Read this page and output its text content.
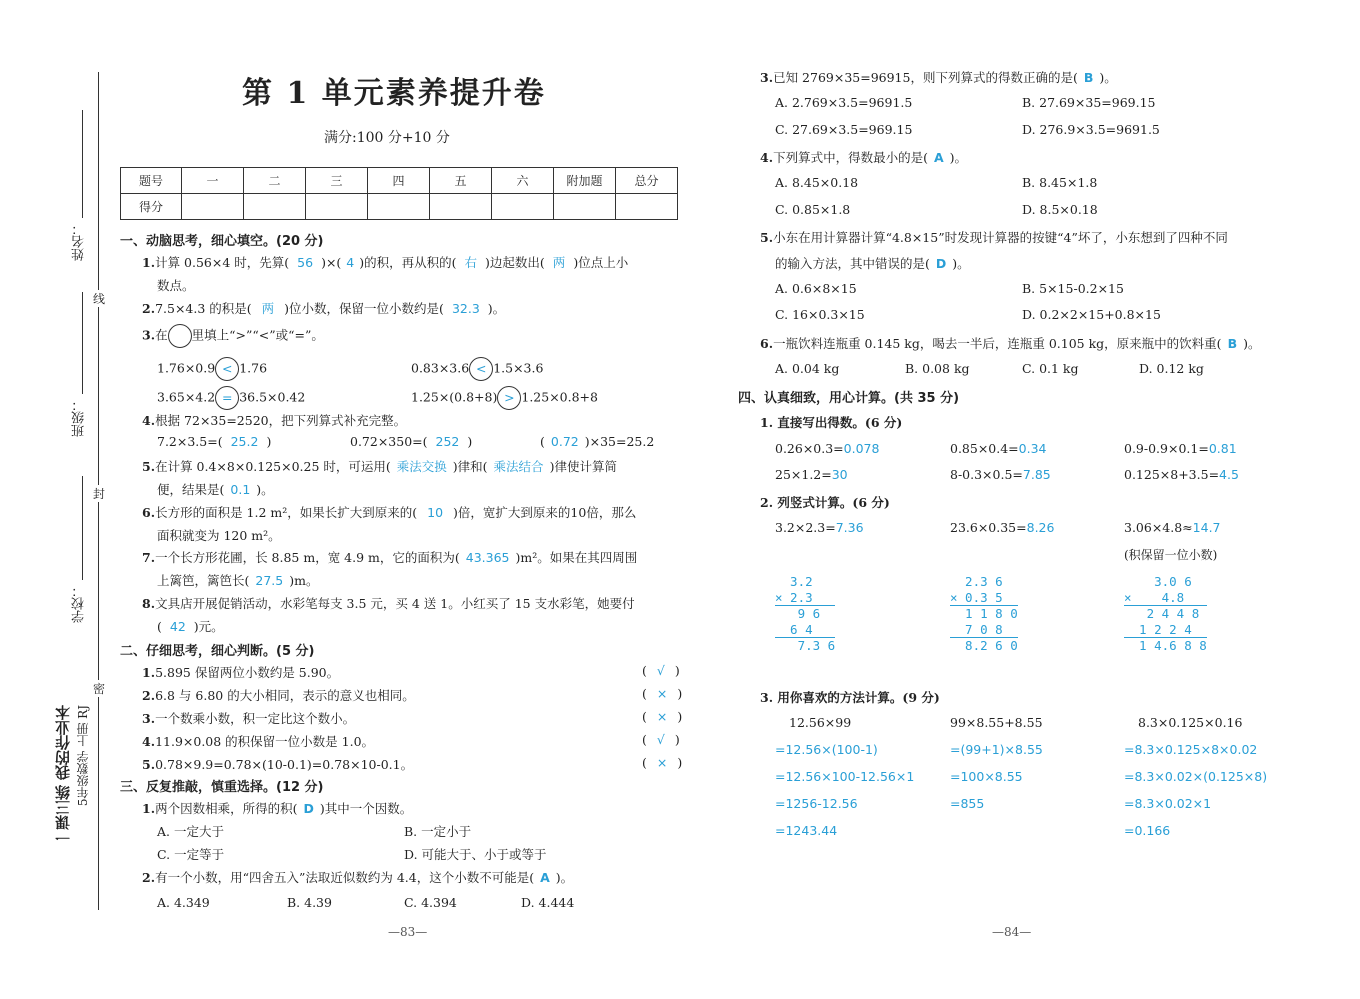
姓名：
班级：
学校：
线
封
密
一课三练 我的作业本 5年级数学 上册 RJ
第 1 单元素养提升卷
满分:100 分+10 分
题号	一	二	三	四	五	六	附加题	总分
得分								
一、动脑思考，细心填空。(20 分)
1.计算 0.56×4 时，先算( 56 )×( 4 )的积，再从积的( 右 )边起数出( 两 )位点上小
数点。
2.7.5×4.3 的积是( 两 )位小数，保留一位小数约是( 32.3 )。
3.在 里填上“>”“<”或“=”。
1.76×0.9 < 1.76	0.83×3.6 < 1.5×3.6
3.65×4.2 = 36.5×0.42	1.25×(0.8+8) > 1.25×0.8+8
4.根据 72×35=2520，把下列算式补充完整。
7.2×3.5=( 25.2 )	0.72×350=( 252 )	( 0.72 )×35=25.2
5.在计算 0.4×8×0.125×0.25 时，可运用( 乘法交换 )律和( 乘法结合 )律使计算简
便，结果是( 0.1 )。
6.长方形的面积是 1.2 m²，如果长扩大到原来的( 10 )倍，宽扩大到原来的10倍，那么
面积就变为 120 m²。
7.一个长方形花圃，长 8.85 m，宽 4.9 m，它的面积为( 43.365 )m²。如果在其四周围
上篱笆，篱笆长( 27.5 )m。
8.文具店开展促销活动，水彩笔每支 3.5 元，买 4 送 1。小红买了 15 支水彩笔，她要付
( 42 )元。
二、仔细思考，细心判断。(5 分)
1.5.895 保留两位小数约是 5.90。	( √ )
2.6.8 与 6.80 的大小相同，表示的意义也相同。	( × )
3.一个数乘小数，积一定比这个数小。	( × )
4.11.9×0.08 的积保留一位小数是 1.0。	( √ )
5.0.78×9.9=0.78×(10-0.1)=0.78×10-0.1。	( × )
三、反复推敲，慎重选择。(12 分)
1.两个因数相乘，所得的积( D )其中一个因数。
A. 一定大于	B. 一定小于
C. 一定等于	D. 可能大于、小于或等于
2.有一个小数，用“四舍五入”法取近似数约为 4.4，这个小数不可能是( A )。
A. 4.349	B. 4.39	C. 4.394	D. 4.444
—83—
3.已知 2769×35=96915，则下列算式的得数正确的是( B )。
A. 2.769×3.5=9691.5	B. 27.69×35=969.15
C. 27.69×3.5=969.15	D. 276.9×3.5=9691.5
4.下列算式中，得数最小的是( A )。
A. 8.45×0.18	B. 8.45×1.8
C. 0.85×1.8	D. 8.5×0.18
5.小东在用计算器计算“4.8×15”时发现计算器的按键“4”坏了，小东想到了四种不同
的输入方法，其中错误的是( D )。
A. 0.6×8×15	B. 5×15-0.2×15
C. 16×0.3×15	D. 0.2×2×15+0.8×15
6.一瓶饮料连瓶重 0.145 kg，喝去一半后，连瓶重 0.105 kg，原来瓶中的饮料重( B )。
A. 0.04 kg	B. 0.08 kg	C. 0.1 kg	D. 0.12 kg
四、认真细致，用心计算。(共 35 分)
1. 直接写出得数。(6 分)
0.26×0.3=0.078	0.85×0.4=0.34	0.9-0.9×0.1=0.81
25×1.2=30	8-0.3×0.5=7.85	0.125×8+3.5=4.5
2. 列竖式计算。(6 分)
3.2×2.3=7.36	23.6×0.35=8.26	3.06×4.8≈14.7
(积保留一位小数)
3.2
× 2.3
9 6
6 4
7.3 6
2.3 6
× 0.3 5
1 1 8 0
7 0 8
8.2 6 0
3.0 6
×    4.8
2 4 4 8
1 2 2 4
1 4.6 8 8
3. 用你喜欢的方法计算。(9 分)
12.56×99
=12.56×(100-1)
=12.56×100-12.56×1
=1256-12.56
=1243.44
99×8.55+8.55
=(99+1)×8.55
=100×8.55
=855
8.3×0.125×0.16
=8.3×0.125×8×0.02
=8.3×0.02×(0.125×8)
=8.3×0.02×1
=0.166
—84—
